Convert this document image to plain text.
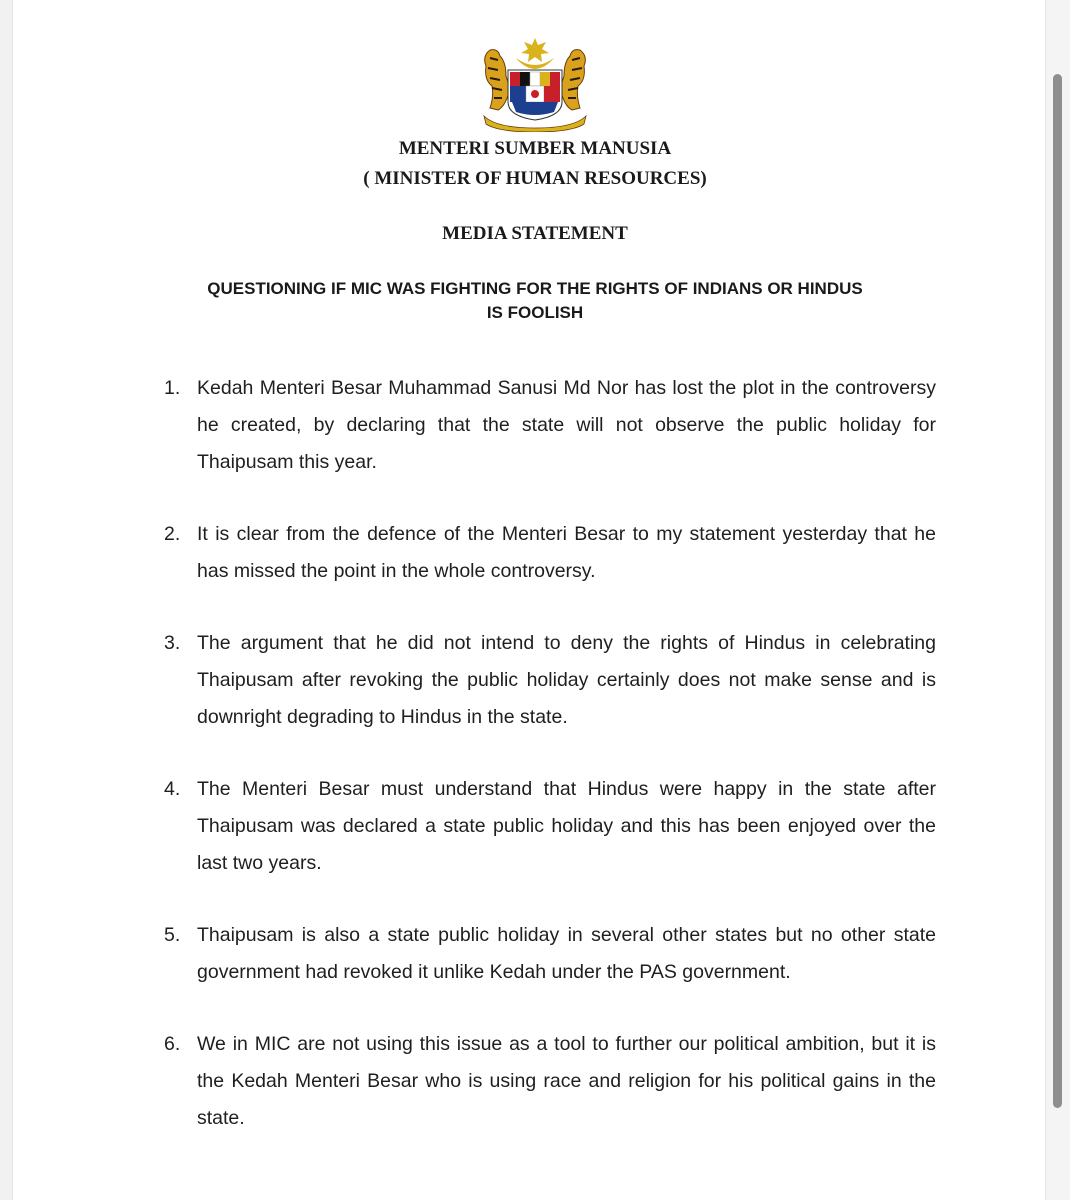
MENTERI SUMBER MANUSIA

( MINISTER OF HUMAN RESOURCES)

MEDIA STATEMENT

QUESTIONING IF MIC WAS FIGHTING FOR THE RIGHTS OF INDIANS OR HINDUS

IS FOOLISH

1. Kedah Menteri Besar Muhammad Sanusi Md Nor has lost the plot in the controversy he created, by declaring that the state will not observe the public holiday for Thaipusam this year.
2. It is clear from the defence of the Menteri Besar to my statement yesterday that he has missed the point in the whole controversy.
3. The argument that he did not intend to deny the rights of Hindus in celebrating Thaipusam after revoking the public holiday certainly does not make sense and is downright degrading to Hindus in the state.
4. The Menteri Besar must understand that Hindus were happy in the state after Thaipusam was declared a state public holiday and this has been enjoyed over the last two years.
5. Thaipusam is also a state public holiday in several other states but no other state government had revoked it unlike Kedah under the PAS government.
6. We in MIC are not using this issue as a tool to further our political ambition, but it is the Kedah Menteri Besar who is using race and religion for his political gains in the state.
